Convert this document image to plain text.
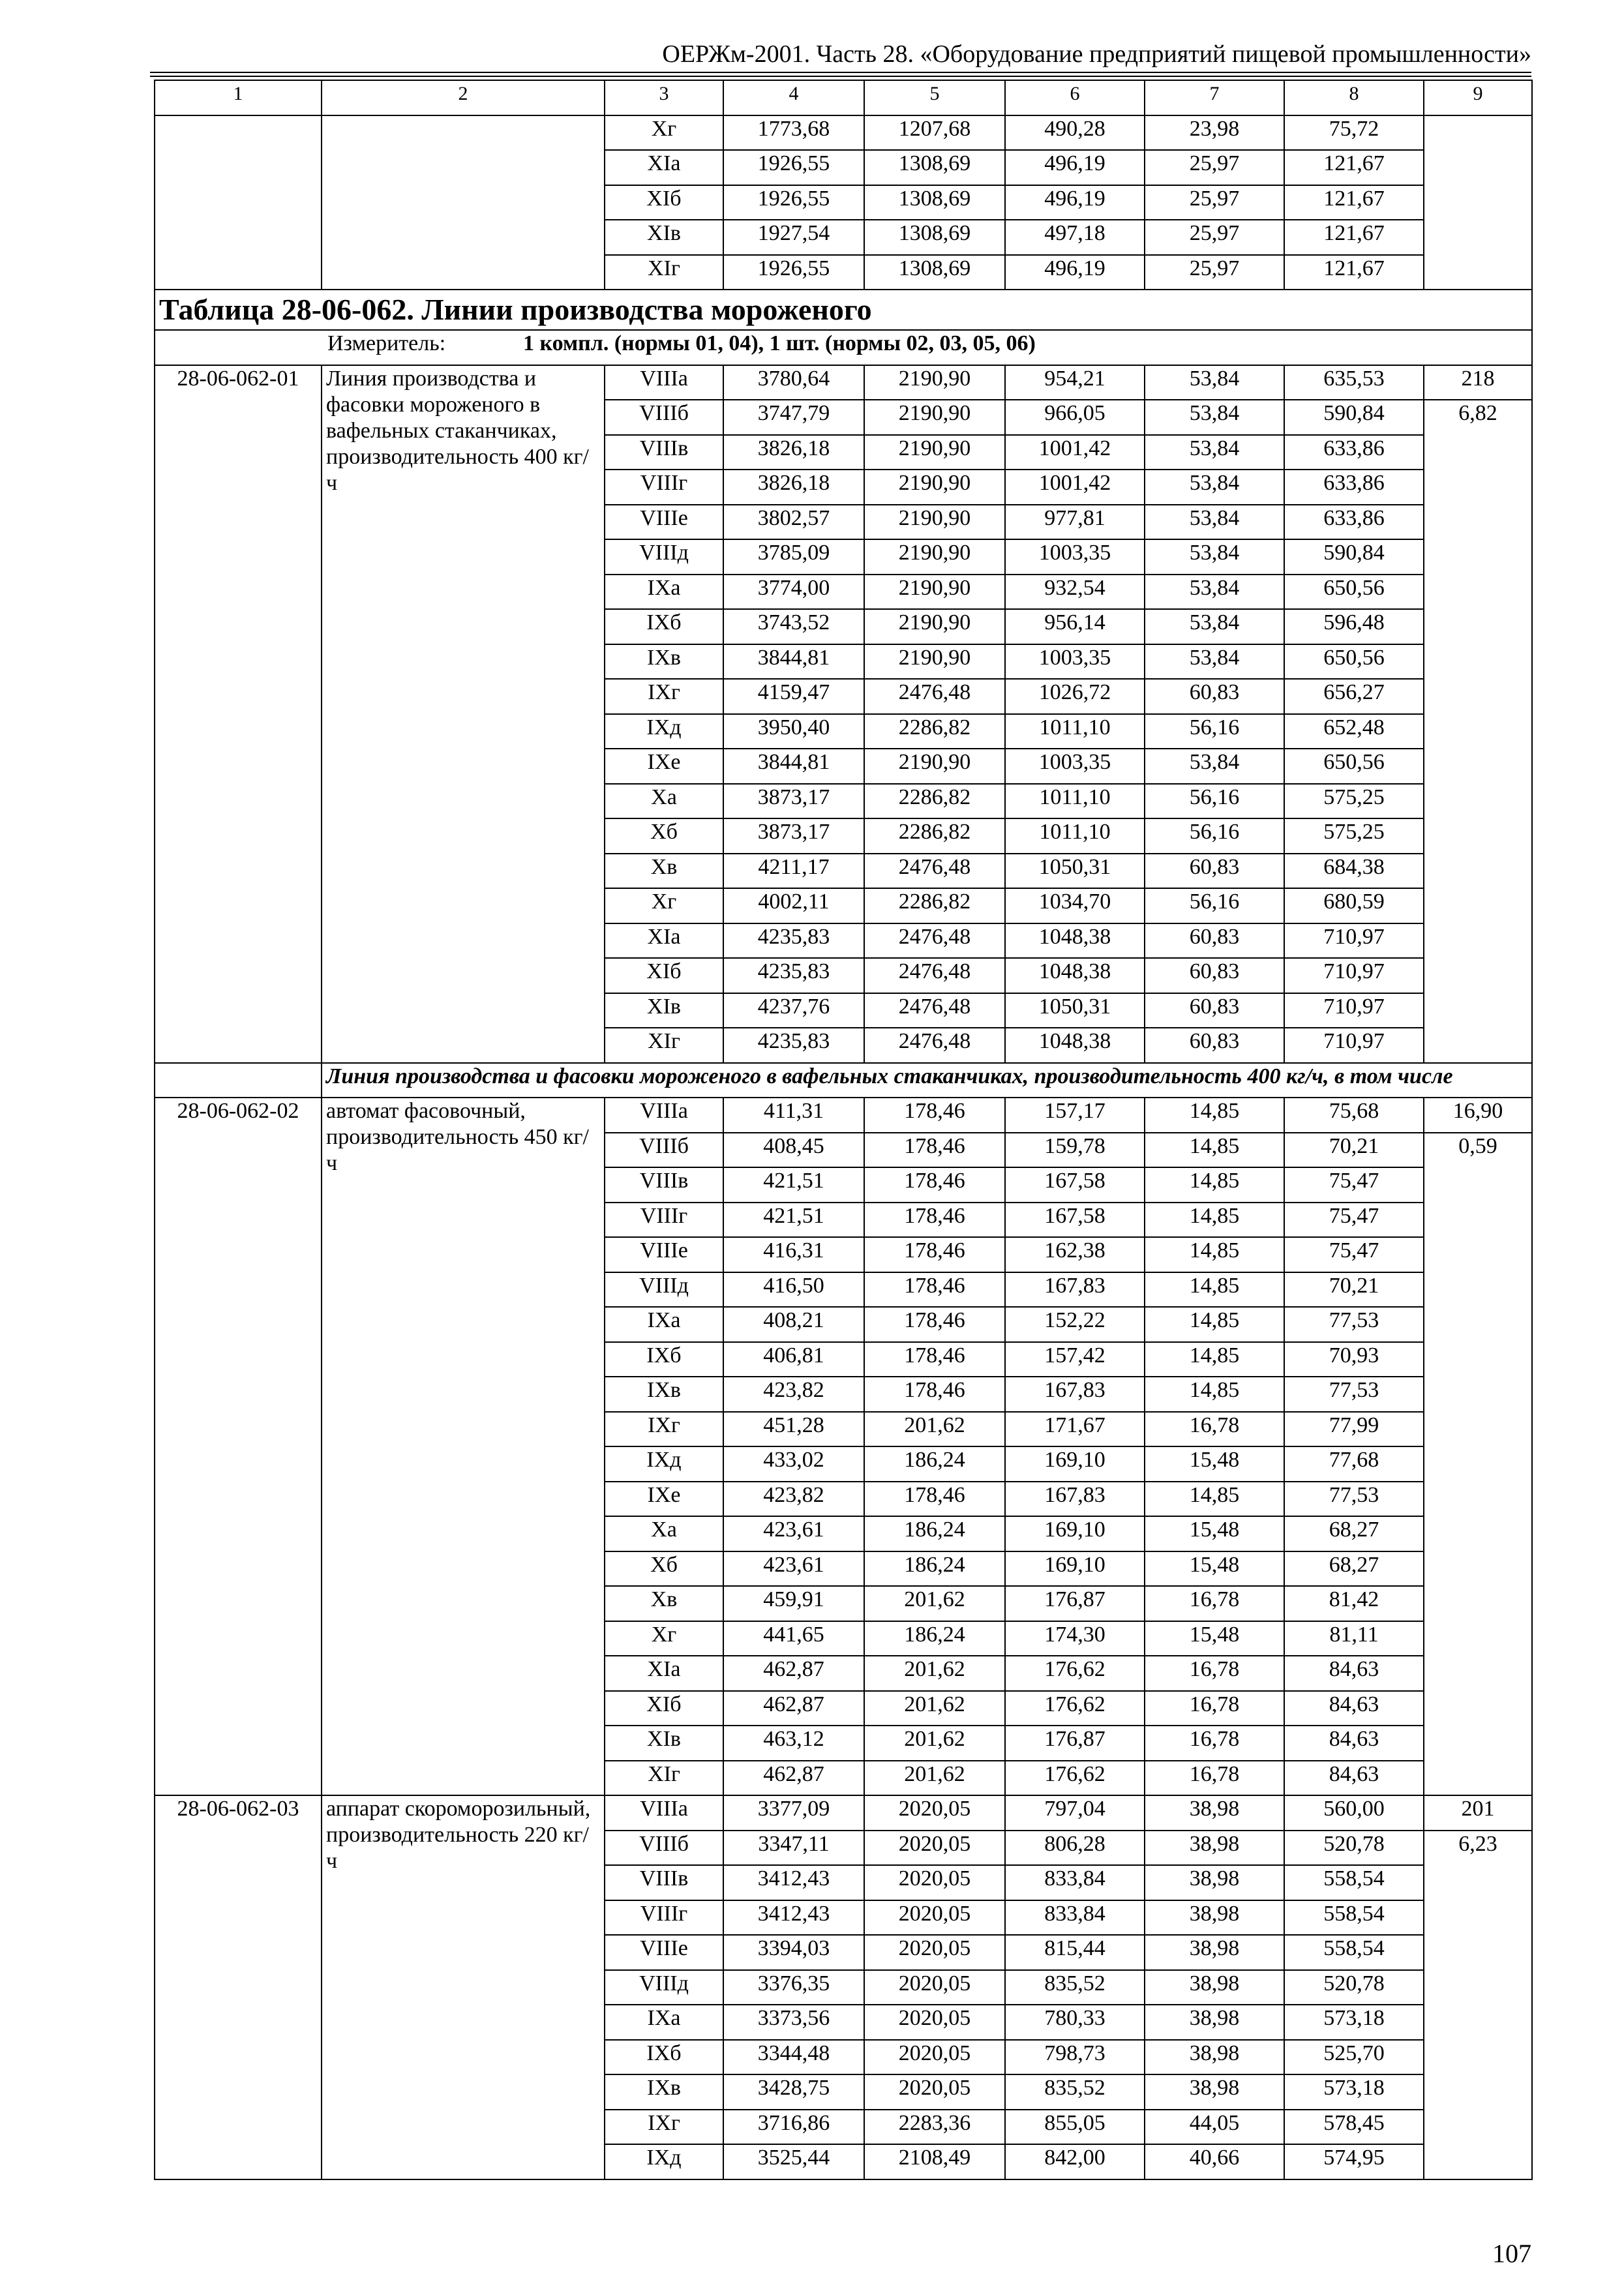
ОЕРЖм-2001. Часть 28. «Оборудование предприятий пищевой промышленности»
1	2	3	4	5	6	7	8	9
		Хг	1773,68	1207,68	490,28	23,98	75,72	
		XIа	1926,55	1308,69	496,19	25,97	121,67	
		XIб	1926,55	1308,69	496,19	25,97	121,67	
		XIв	1927,54	1308,69	497,18	25,97	121,67	
		XIг	1926,55	1308,69	496,19	25,97	121,67	
Таблица 28-06-062. Линии производства мороженого								
Измеритель: 1 компл. (нормы 01, 04), 1 шт. (нормы 02, 03, 05, 06)								
28-06-062-01	Линия производства и фасовки мороженого в вафельных стаканчиках, производительность 400 кг/ч	VIIIа	3780,64	2190,90	954,21	53,84	635,53	218
		VIIIб	3747,79	2190,90	966,05	53,84	590,84	6,82
		VIIIв	3826,18	2190,90	1001,42	53,84	633,86	
		VIIIг	3826,18	2190,90	1001,42	53,84	633,86	
		VIIIе	3802,57	2190,90	977,81	53,84	633,86	
		VIIIд	3785,09	2190,90	1003,35	53,84	590,84	
		IXа	3774,00	2190,90	932,54	53,84	650,56	
		IXб	3743,52	2190,90	956,14	53,84	596,48	
		IXв	3844,81	2190,90	1003,35	53,84	650,56	
		IXг	4159,47	2476,48	1026,72	60,83	656,27	
		IXд	3950,40	2286,82	1011,10	56,16	652,48	
		IXе	3844,81	2190,90	1003,35	53,84	650,56	
		Ха	3873,17	2286,82	1011,10	56,16	575,25	
		Хб	3873,17	2286,82	1011,10	56,16	575,25	
		Хв	4211,17	2476,48	1050,31	60,83	684,38	
		Хг	4002,11	2286,82	1034,70	56,16	680,59	
		XIа	4235,83	2476,48	1048,38	60,83	710,97	
		XIб	4235,83	2476,48	1048,38	60,83	710,97	
		XIв	4237,76	2476,48	1050,31	60,83	710,97	
		XIг	4235,83	2476,48	1048,38	60,83	710,97	
	Линия производства и фасовки мороженого в вафельных стаканчиках, производительность 400 кг/ч, в том числе							
28-06-062-02	автомат фасовочный, производительность 450 кг/ч	VIIIа	411,31	178,46	157,17	14,85	75,68	16,90
		VIIIб	408,45	178,46	159,78	14,85	70,21	0,59
		VIIIв	421,51	178,46	167,58	14,85	75,47	
		VIIIг	421,51	178,46	167,58	14,85	75,47	
		VIIIе	416,31	178,46	162,38	14,85	75,47	
		VIIIд	416,50	178,46	167,83	14,85	70,21	
		IXа	408,21	178,46	152,22	14,85	77,53	
		IXб	406,81	178,46	157,42	14,85	70,93	
		IXв	423,82	178,46	167,83	14,85	77,53	
		IXг	451,28	201,62	171,67	16,78	77,99	
		IXд	433,02	186,24	169,10	15,48	77,68	
		IXе	423,82	178,46	167,83	14,85	77,53	
		Ха	423,61	186,24	169,10	15,48	68,27	
		Хб	423,61	186,24	169,10	15,48	68,27	
		Хв	459,91	201,62	176,87	16,78	81,42	
		Хг	441,65	186,24	174,30	15,48	81,11	
		XIа	462,87	201,62	176,62	16,78	84,63	
		XIб	462,87	201,62	176,62	16,78	84,63	
		XIв	463,12	201,62	176,87	16,78	84,63	
		XIг	462,87	201,62	176,62	16,78	84,63	
28-06-062-03	аппарат скороморозильный, производительность 220 кг/ч	VIIIа	3377,09	2020,05	797,04	38,98	560,00	201
		VIIIб	3347,11	2020,05	806,28	38,98	520,78	6,23
		VIIIв	3412,43	2020,05	833,84	38,98	558,54	
		VIIIг	3412,43	2020,05	833,84	38,98	558,54	
		VIIIе	3394,03	2020,05	815,44	38,98	558,54	
		VIIIд	3376,35	2020,05	835,52	38,98	520,78	
		IXа	3373,56	2020,05	780,33	38,98	573,18	
		IXб	3344,48	2020,05	798,73	38,98	525,70	
		IXв	3428,75	2020,05	835,52	38,98	573,18	
		IXг	3716,86	2283,36	855,05	44,05	578,45	
		IXд	3525,44	2108,49	842,00	40,66	574,95	
107
